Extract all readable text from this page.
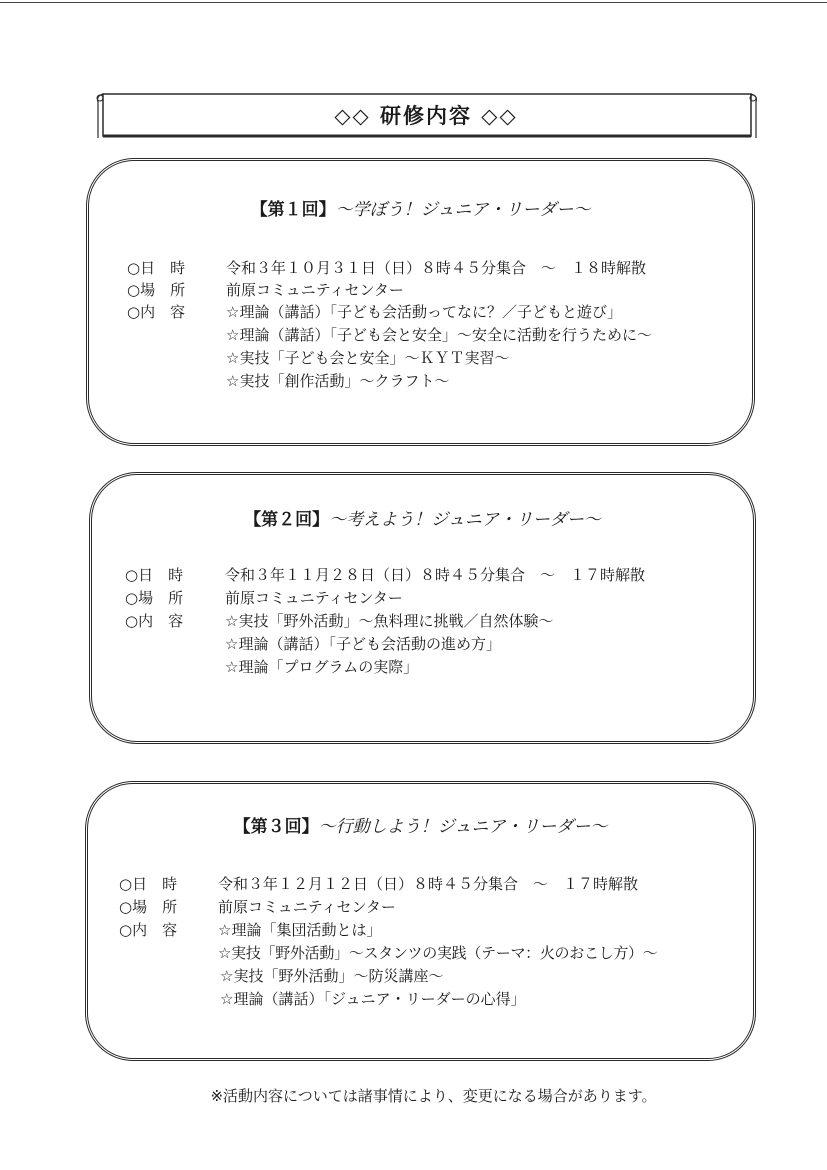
◇◇ 研修内容 ◇◇
【第１回】～学ぼう！ジュニア・リーダー～
○日　時	令和３年１０月３１日（日）８時４５分集合　～　１８時解散
○場　所	前原コミュニティセンター
○内　容	☆理論（講話）「子ども会活動ってなに？／子どもと遊び」
☆理論（講話）「子ども会と安全」～安全に活動を行うために～
☆実技「子ども会と安全」～ＫＹＴ実習～
☆実技「創作活動」～クラフト～
【第２回】～考えよう！ジュニア・リーダー～
○日　時	令和３年１１月２８日（日）８時４５分集合　～　１７時解散
○場　所	前原コミュニティセンター
○内　容	☆実技「野外活動」～魚料理に挑戦／自然体験～
☆理論（講話）「子ども会活動の進め方」
☆理論「プログラムの実際」
【第３回】～行動しよう！ジュニア・リーダー～
○日　時	令和３年１２月１２日（日）８時４５分集合　～　１７時解散
○場　所	前原コミュニティセンター
○内　容	☆理論「集団活動とは」
☆実技「野外活動」～スタンツの実践（テーマ：火のおこし方）～
☆実技「野外活動」～防災講座～
☆理論（講話）「ジュニア・リーダーの心得」
※活動内容については諸事情により、変更になる場合があります。
